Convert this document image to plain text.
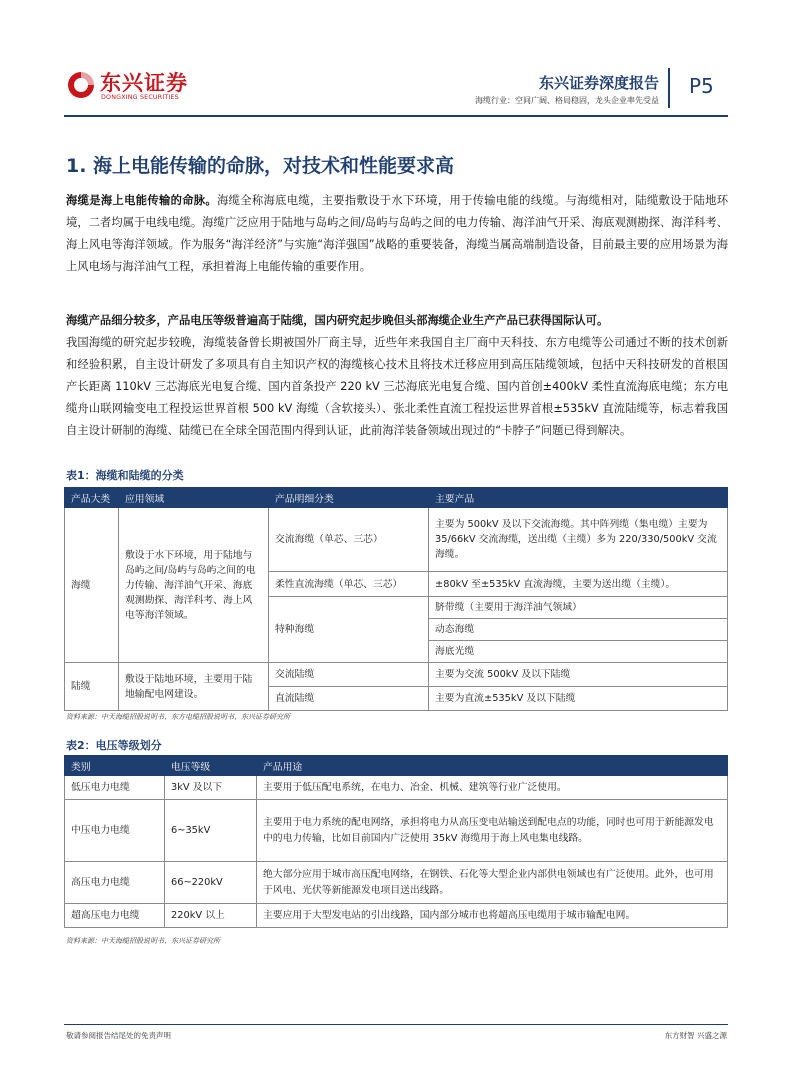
东兴证券
DONGXING SECURITIES
东兴证券深度报告
海缆行业：空间广阔、格局稳固，龙头企业率先受益
P5
1. 海上电能传输的命脉，对技术和性能要求高
海缆是海上电能传输的命脉。海缆全称海底电缆，主要指敷设于水下环境，用于传输电能的线缆。与海缆相对，陆缆敷设于陆地环境，二者均属于电线电缆。海缆广泛应用于陆地与岛屿之间/岛屿与岛屿之间的电力传输、海洋油气开采、海底观测勘探、海洋科考、海上风电等海洋领域。作为服务“海洋经济”与实施“海洋强国”战略的重要装备，海缆当属高端制造设备，目前最主要的应用场景为海上风电场与海洋油气工程，承担着海上电能传输的重要作用。
海缆产品细分较多，产品电压等级普遍高于陆缆，国内研究起步晚但头部海缆企业生产产品已获得国际认可。
我国海缆的研究起步较晚，海缆装备曾长期被国外厂商主导，近些年来我国自主厂商中天科技、东方电缆等公司通过不断的技术创新和经验积累，自主设计研发了多项具有自主知识产权的海缆核心技术且将技术迁移应用到高压陆缆领域，包括中天科技研发的首根国产长距离 110kV 三芯海底光电复合缆、国内首条投产 220 kV 三芯海底光电复合缆、国内首创±400kV 柔性直流海底电缆；东方电缆舟山联网输变电工程投运世界首根 500 kV 海缆（含软接头）、张北柔性直流工程投运世界首根±535kV 直流陆缆等，标志着我国自主设计研制的海缆、陆缆已在全球全国范围内得到认证，此前海洋装备领域出现过的“卡脖子”问题已得到解决。
表1：海缆和陆缆的分类
产品大类	应用领域	产品明细分类	主要产品
海缆	敷设于水下环境，用于陆地与岛屿之间/岛屿与岛屿之间的电力传输、海洋油气开采、海底观测勘探、海洋科考、海上风电等海洋领域。	交流海缆（单芯、三芯）	主要为 500kV 及以下交流海缆。其中阵列缆（集电缆）主要为 35/66kV 交流海缆，送出缆（主缆）多为 220/330/500kV 交流海缆。
		柔性直流海缆（单芯、三芯）	±80kV 至±535kV 直流海缆，主要为送出缆（主缆）。
		特种海缆	脐带缆（主要用于海洋油气领域）
			动态海缆
			海底光缆
陆缆	敷设于陆地环境，主要用于陆地输配电网建设。	交流陆缆	主要为交流 500kV 及以下陆缆
		直流陆缆	主要为直流±535kV 及以下陆缆
资料来源：中天海缆招股说明书、东方电缆招股说明书、东兴证券研究所
表2：电压等级划分
类别	电压等级	产品用途
低压电力电缆	3kV 及以下	主要用于低压配电系统，在电力、冶金、机械、建筑等行业广泛使用。
中压电力电缆	6~35kV	主要用于电力系统的配电网络，承担将电力从高压变电站输送到配电点的功能，同时也可用于新能源发电中的电力传输，比如目前国内广泛使用 35kV 海缆用于海上风电集电线路。
高压电力电缆	66~220kV	绝大部分应用于城市高压配电网络，在钢铁、石化等大型企业内部供电领域也有广泛使用。此外，也可用于风电、光伏等新能源发电项目送出线路。
超高压电力电缆	220kV 以上	主要应用于大型发电站的引出线路，国内部分城市也将超高压电缆用于城市输配电网。
资料来源：中天海缆招股说明书、东兴证券研究所
敬请参阅报告结尾处的免责声明	东方财智 兴盛之源
